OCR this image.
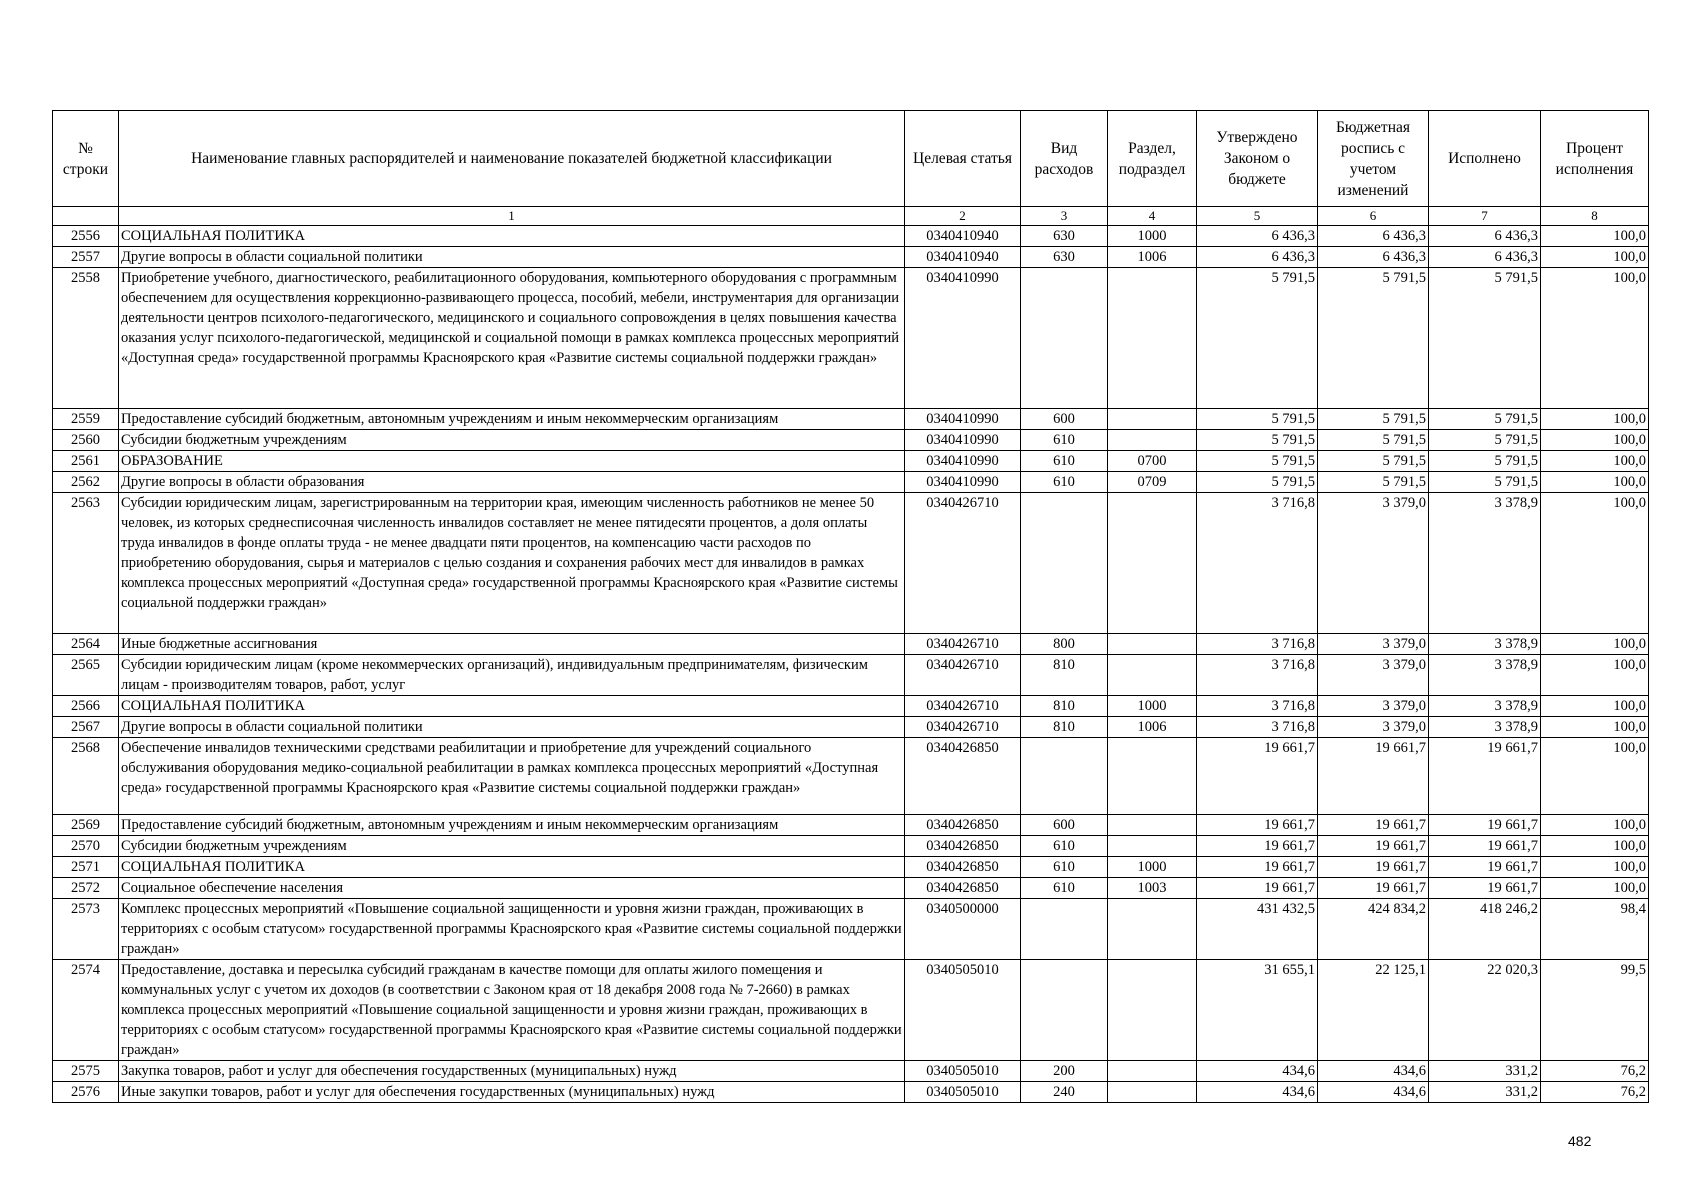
№ строки	Наименование главных распорядителей и наименование показателей бюджетной классификации	Целевая статья	Вид расходов	Раздел, подраздел	Утверждено Законом о бюджете	Бюджетная роспись с учетом изменений	Исполнено	Процент исполнения
	1	2	3	4	5	6	7	8
2556	СОЦИАЛЬНАЯ ПОЛИТИКА	0340410940	630	1000	6 436,3	6 436,3	6 436,3	100,0
2557	Другие вопросы в области социальной политики	0340410940	630	1006	6 436,3	6 436,3	6 436,3	100,0
2558	Приобретение учебного, диагностического, реабилитационного оборудования, компьютерного оборудования с программным обеспечением для осуществления коррекционно-развивающего процесса, пособий, мебели, инструментария для организации деятельности центров психолого-педагогического, медицинского и социального сопровождения в целях повышения качества оказания услуг психолого-педагогической, медицинской и социальной помощи в рамках комплекса процессных мероприятий «Доступная среда» государственной программы Красноярского края «Развитие системы социальной поддержки граждан»	0340410990			5 791,5	5 791,5	5 791,5	100,0
2559	Предоставление субсидий бюджетным, автономным учреждениям и иным некоммерческим организациям	0340410990	600		5 791,5	5 791,5	5 791,5	100,0
2560	Субсидии бюджетным учреждениям	0340410990	610		5 791,5	5 791,5	5 791,5	100,0
2561	ОБРАЗОВАНИЕ	0340410990	610	0700	5 791,5	5 791,5	5 791,5	100,0
2562	Другие вопросы в области образования	0340410990	610	0709	5 791,5	5 791,5	5 791,5	100,0
2563	Субсидии юридическим лицам, зарегистрированным на территории края, имеющим численность работников не менее 50 человек, из которых среднесписочная численность инвалидов составляет не менее пятидесяти процентов, а доля оплаты труда инвалидов в фонде оплаты труда - не менее двадцати пяти процентов, на компенсацию части расходов по приобретению оборудования, сырья и материалов с целью создания и сохранения рабочих мест для инвалидов в рамках комплекса процессных мероприятий «Доступная среда» государственной программы Красноярского края «Развитие системы социальной поддержки граждан»	0340426710			3 716,8	3 379,0	3 378,9	100,0
2564	Иные бюджетные ассигнования	0340426710	800		3 716,8	3 379,0	3 378,9	100,0
2565	Субсидии юридическим лицам (кроме некоммерческих организаций), индивидуальным предпринимателям, физическим лицам - производителям товаров, работ, услуг	0340426710	810		3 716,8	3 379,0	3 378,9	100,0
2566	СОЦИАЛЬНАЯ ПОЛИТИКА	0340426710	810	1000	3 716,8	3 379,0	3 378,9	100,0
2567	Другие вопросы в области социальной политики	0340426710	810	1006	3 716,8	3 379,0	3 378,9	100,0
2568	Обеспечение инвалидов техническими средствами реабилитации и приобретение для учреждений социального обслуживания оборудования медико-социальной реабилитации в рамках комплекса процессных мероприятий «Доступная среда» государственной программы Красноярского края «Развитие системы социальной поддержки граждан»	0340426850			19 661,7	19 661,7	19 661,7	100,0
2569	Предоставление субсидий бюджетным, автономным учреждениям и иным некоммерческим организациям	0340426850	600		19 661,7	19 661,7	19 661,7	100,0
2570	Субсидии бюджетным учреждениям	0340426850	610		19 661,7	19 661,7	19 661,7	100,0
2571	СОЦИАЛЬНАЯ ПОЛИТИКА	0340426850	610	1000	19 661,7	19 661,7	19 661,7	100,0
2572	Социальное обеспечение населения	0340426850	610	1003	19 661,7	19 661,7	19 661,7	100,0
2573	Комплекс процессных мероприятий «Повышение социальной защищенности и уровня жизни граждан, проживающих в территориях с особым статусом» государственной программы Красноярского края «Развитие системы социальной поддержки граждан»	0340500000			431 432,5	424 834,2	418 246,2	98,4
2574	Предоставление, доставка и пересылка субсидий гражданам в качестве помощи для оплаты жилого помещения и коммунальных услуг с учетом их доходов (в соответствии с Законом края от 18 декабря 2008 года № 7-2660) в рамках комплекса процессных мероприятий «Повышение социальной защищенности и уровня жизни граждан, проживающих в территориях с особым статусом» государственной программы Красноярского края «Развитие системы социальной поддержки граждан»	0340505010			31 655,1	22 125,1	22 020,3	99,5
2575	Закупка товаров, работ и услуг для обеспечения государственных (муниципальных) нужд	0340505010	200		434,6	434,6	331,2	76,2
2576	Иные закупки товаров, работ и услуг для обеспечения государственных (муниципальных) нужд	0340505010	240		434,6	434,6	331,2	76,2
482
